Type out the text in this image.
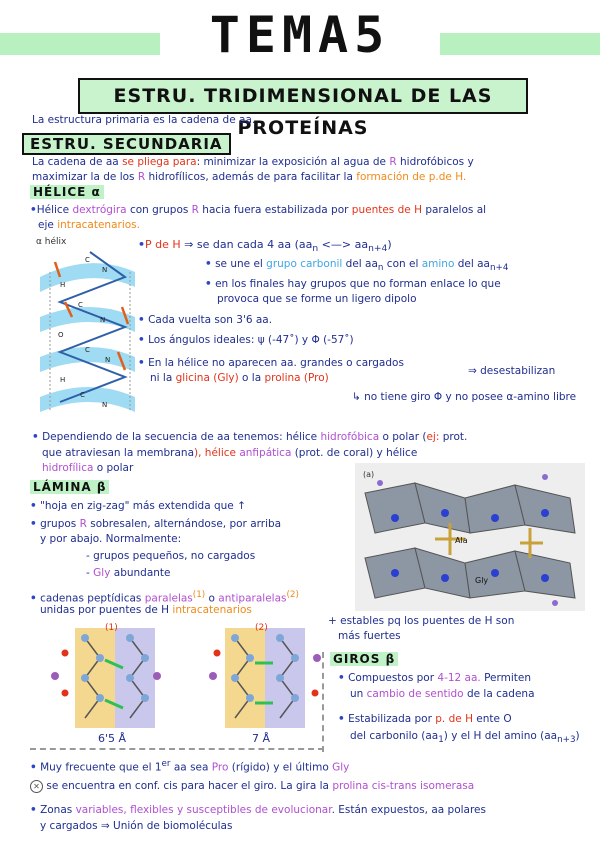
TEMA5
ESTRU. TRIDIMENSIONAL DE LAS PROTEÍNAS
La estructura primaria es la cadena de aa.
ESTRU. SECUNDARIA
La cadena de aa se pliega para: minimizar la exposición al agua de R hidrofóbicos y
maximizar la de los R hidrofílicos, además de para facilitar la formación de p.de H.
HÉLICE α
•Hélice dextrógira con grupos R hacia fuera estabilizada por puentes de H paralelos al
eje intracatenarios.
α hélix
C
N
H
C
N
O
C
N
H
C
N
•P de H ⇒ se dan cada 4 aa ($aa_n$ <—> $aa_{n+4}$)
• se une el grupo carbonil del $aa_n$ con el amino del $aa_{n+4}$
• en los finales hay grupos que no forman enlace lo que
provoca que se forme un ligero dipolo
• Cada vuelta son 3'6 aa.
• Los ángulos ideales: ψ (-47˚) y Φ (-57˚)
• En la hélice no aparecen aa. grandes o cargados
ni la glicina (Gly) o la prolina (Pro)
⇒ desestabilizan
↳ no tiene giro Φ y no posee α-amino libre
• Dependiendo de la secuencia de aa tenemos: hélice hidrofóbica o polar (ej: prot.
que atraviesan la membrana), hélice anfipática (prot. de coral) y hélice
hidrofílica o polar
LÁMINA β
• "hoja en zig-zag" más extendida que ↑
• grupos R sobresalen, alternándose, por arriba
y por abajo. Normalmente:
- grupos pequeños, no cargados
- Gly abundante
• cadenas peptídicas paralelas$^{(1)}$ o antiparalelas$^{(2)}$
unidas por puentes de H intracatenarios
(a)
Ala
Gly
(1)	(2)
6'5 Å	7 Å
+ estables pq los puentes de H son
más fuertes
GIROS β
• Compuestos por 4-12 aa. Permiten
un cambio de sentido de la cadena
• Estabilizada por p. de H ente O
del carbonilo $(aa_1)$ y el H del amino $(aa_{n+3})$
• Muy frecuente que el 1er aa sea Pro (rígido) y el último Gly
✕ se encuentra en conf. cis para hacer el giro. La gira la prolina cis-trans isomerasa
• Zonas variables, flexibles y susceptibles de evolucionar. Están expuestos, aa polares
y cargados ⇒ Unión de biomoléculas
